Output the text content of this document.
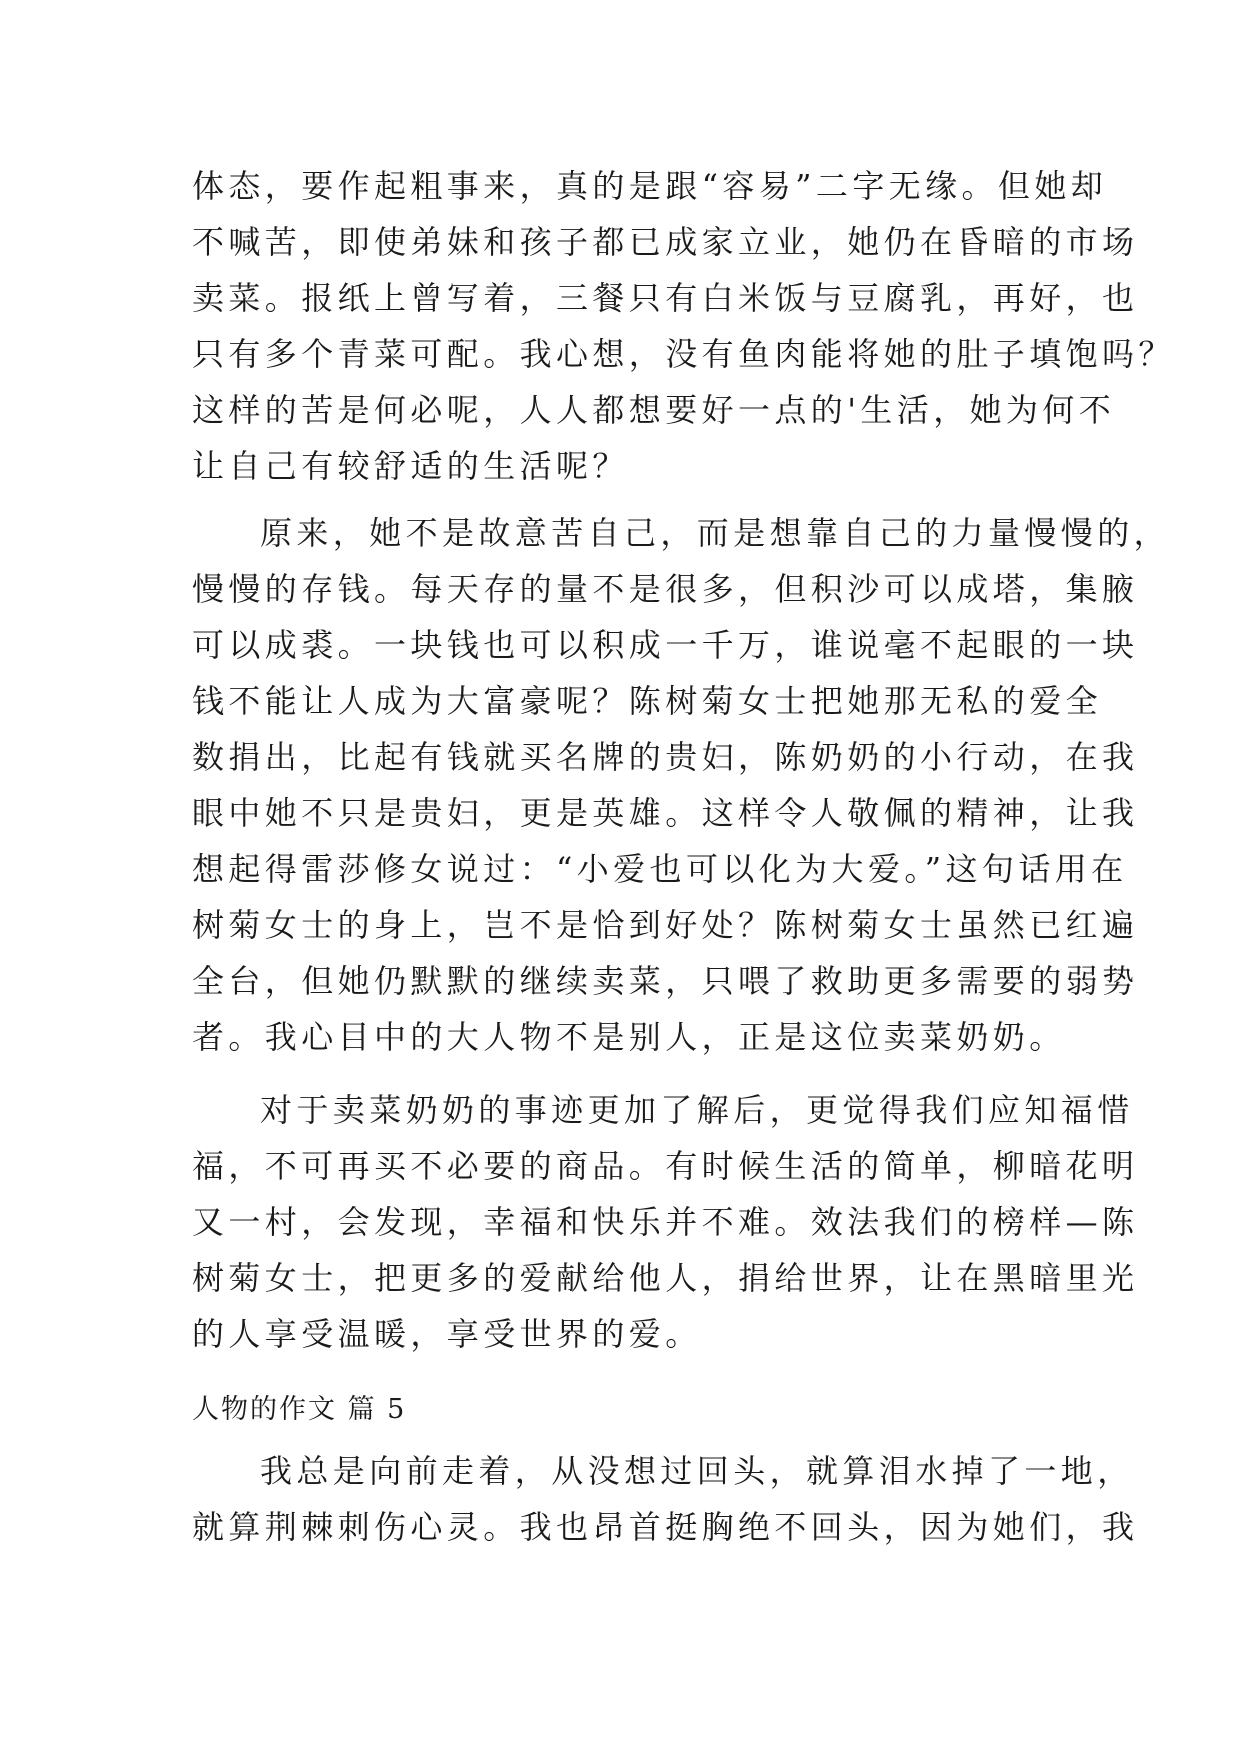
体态，要作起粗事来，真的是跟“容易”二字无缘。但她却
不喊苦，即使弟妹和孩子都已成家立业，她仍在昏暗的市场
卖菜。报纸上曾写着，三餐只有白米饭与豆腐乳，再好，也
只有多个青菜可配。我心想，没有鱼肉能将她的肚子填饱吗？
这样的苦是何必呢，人人都想要好一点的'生活，她为何不
让自己有较舒适的生活呢？
原来，她不是故意苦自己，而是想靠自己的力量慢慢的，
慢慢的存钱。每天存的量不是很多，但积沙可以成塔，集腋
可以成裘。一块钱也可以积成一千万，谁说毫不起眼的一块
钱不能让人成为大富豪呢？陈树菊女士把她那无私的爱全
数捐出，比起有钱就买名牌的贵妇，陈奶奶的小行动，在我
眼中她不只是贵妇，更是英雄。这样令人敬佩的精神，让我
想起得雷莎修女说过：“小爱也可以化为大爱。”这句话用在
树菊女士的身上，岂不是恰到好处？陈树菊女士虽然已红遍
全台，但她仍默默的继续卖菜，只喂了救助更多需要的弱势
者。我心目中的大人物不是别人，正是这位卖菜奶奶。
对于卖菜奶奶的事迹更加了解后，更觉得我们应知福惜
福，不可再买不必要的商品。有时候生活的简单，柳暗花明
又一村，会发现，幸福和快乐并不难。效法我们的榜样—陈
树菊女士，把更多的爱献给他人，捐给世界，让在黑暗里光
的人享受温暖，享受世界的爱。
人物的作文 篇 5
我总是向前走着，从没想过回头，就算泪水掉了一地，
就算荆棘刺伤心灵。我也昂首挺胸绝不回头，因为她们，我
